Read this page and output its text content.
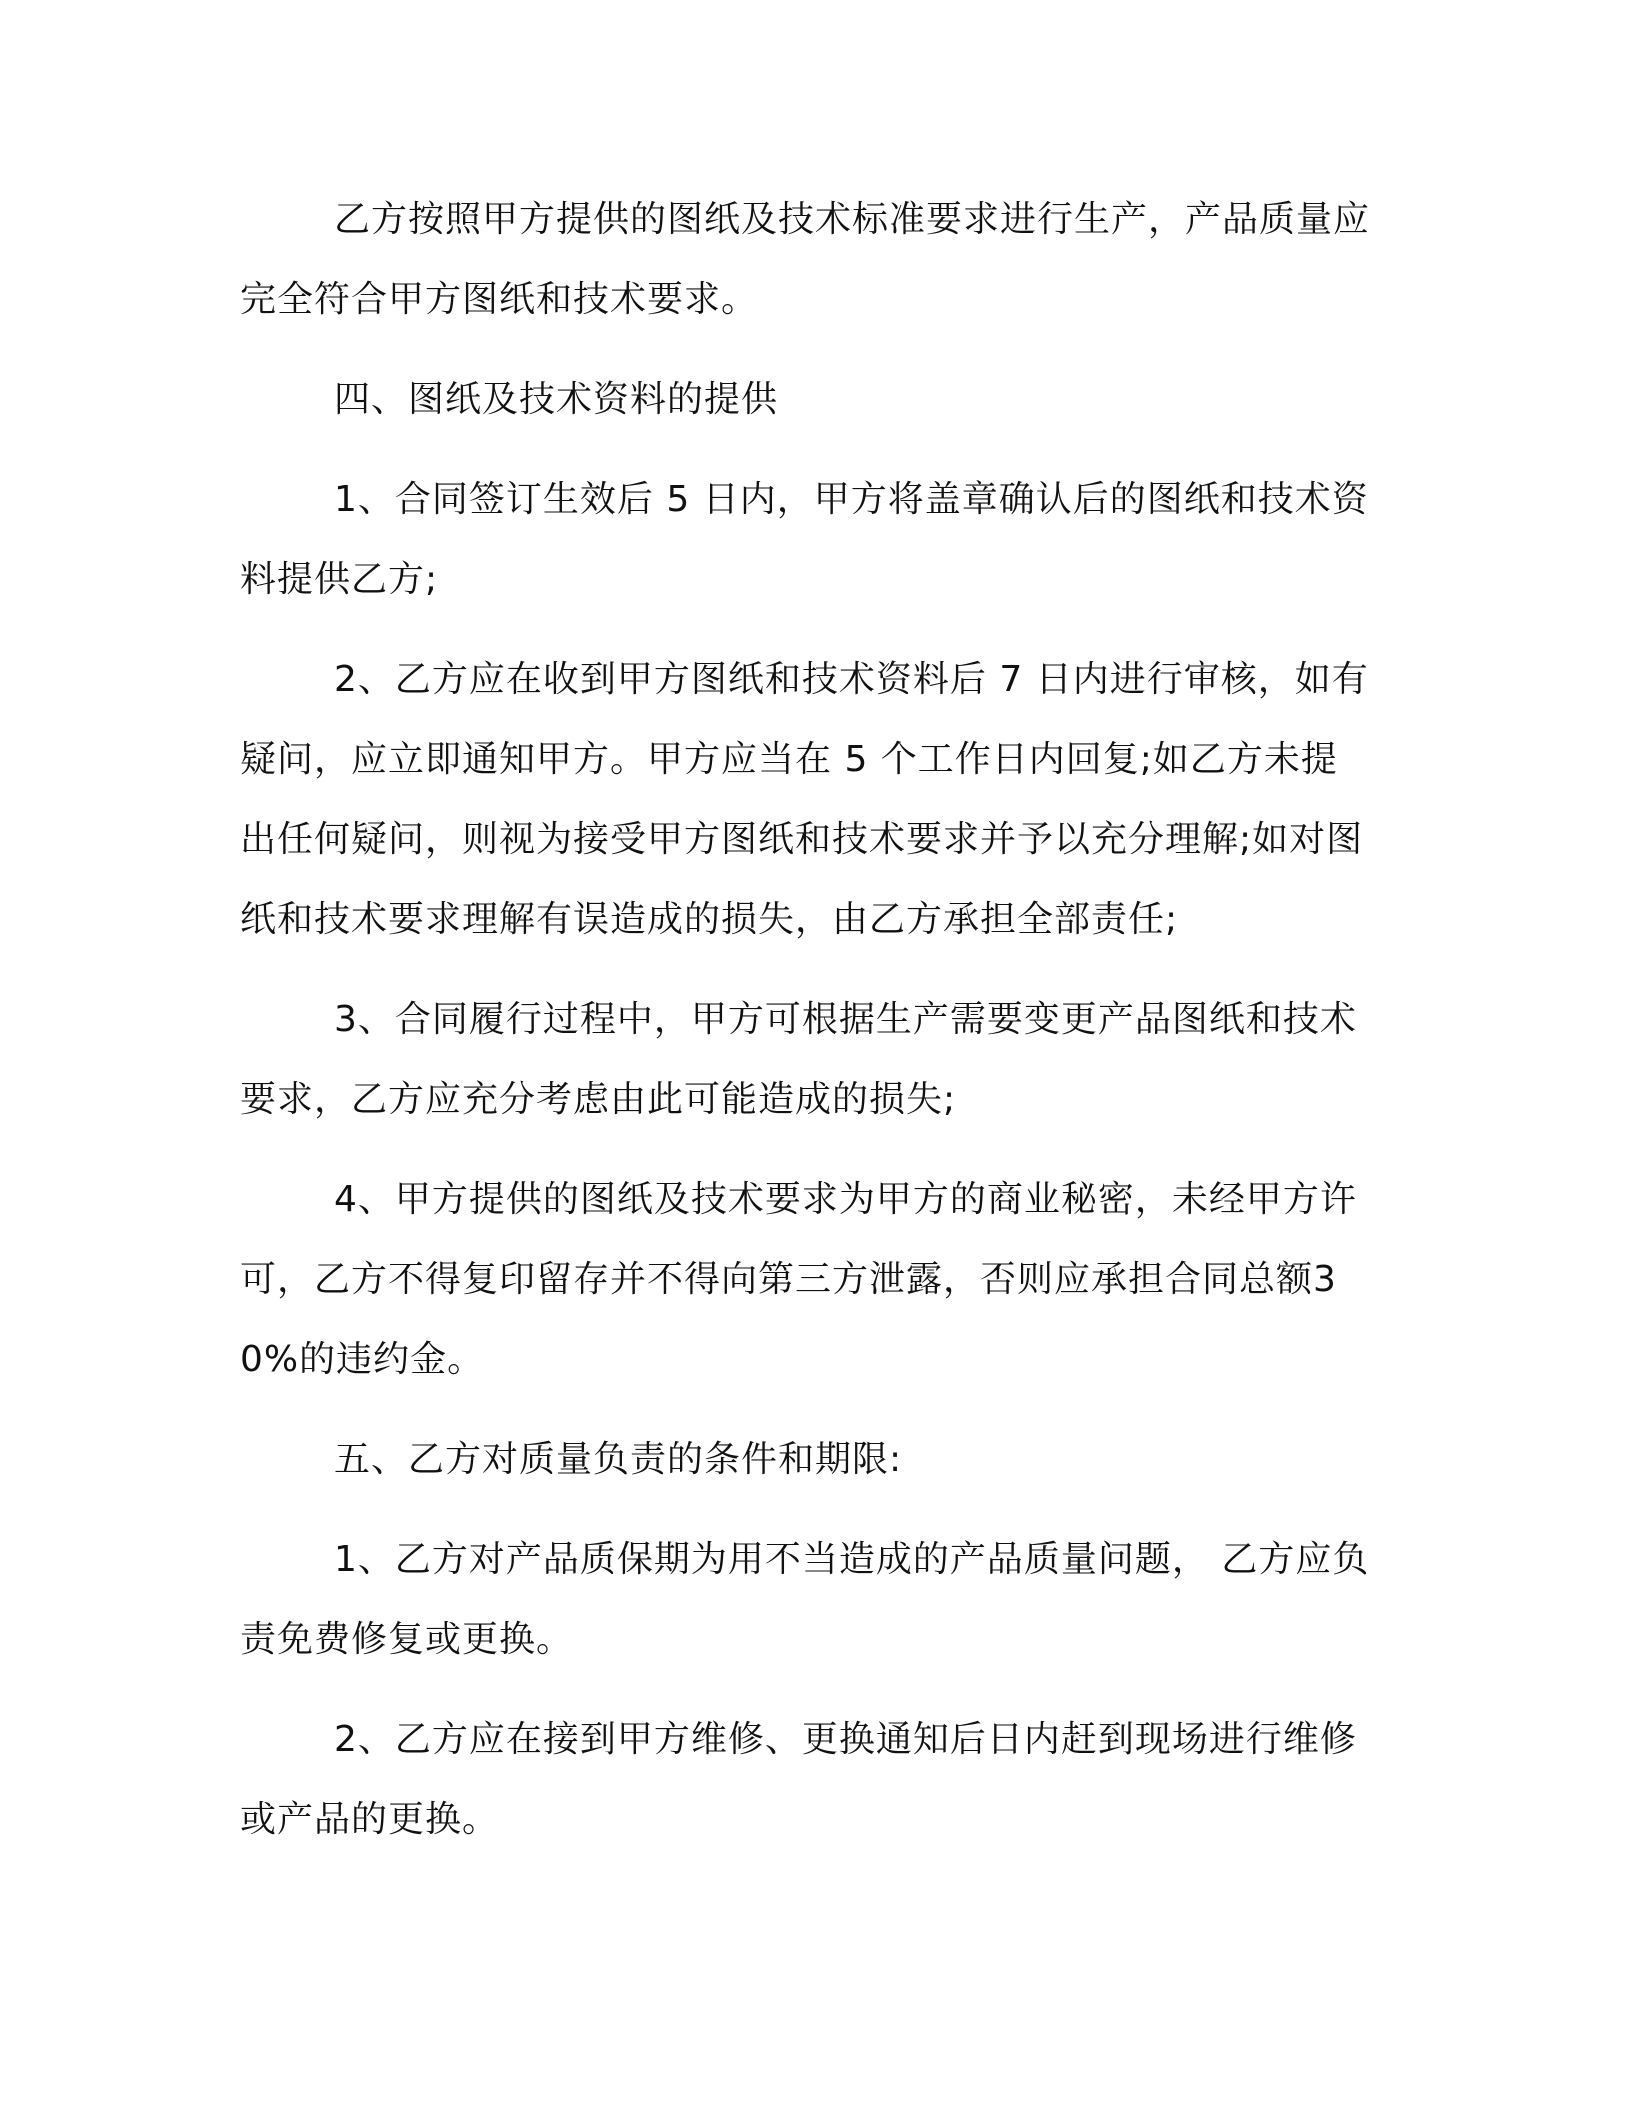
乙方按照甲方提供的图纸及技术标准要求进行生产，产品质量应完全符合甲方图纸和技术要求。

四、图纸及技术资料的提供

1、合同签订生效后 5 日内，甲方将盖章确认后的图纸和技术资料提供乙方;

2、乙方应在收到甲方图纸和技术资料后 7 日内进行审核，如有疑问，应立即通知甲方。甲方应当在 5 个工作日内回复;如乙方未提出任何疑问，则视为接受甲方图纸和技术要求并予以充分理解;如对图纸和技术要求理解有误造成的损失，由乙方承担全部责任;

3、合同履行过程中，甲方可根据生产需要变更产品图纸和技术要求，乙方应充分考虑由此可能造成的损失;

4、甲方提供的图纸及技术要求为甲方的商业秘密，未经甲方许可，乙方不得复印留存并不得向第三方泄露，否则应承担合同总额30%的违约金。

五、乙方对质量负责的条件和期限:

1、乙方对产品质保期为用不当造成的产品质量问题， 乙方应负责免费修复或更换。

2、乙方应在接到甲方维修、更换通知后日内赶到现场进行维修或产品的更换。
